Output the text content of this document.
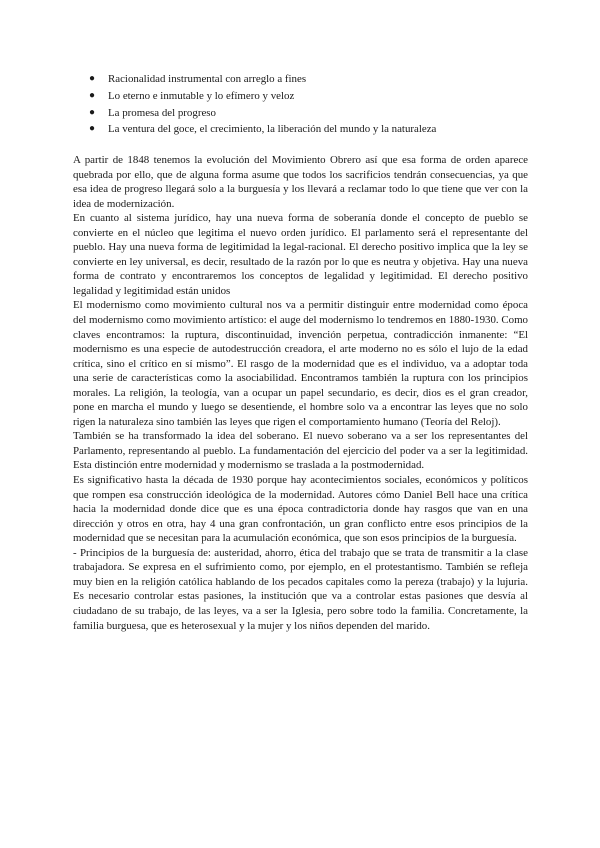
● Racionalidad instrumental con arreglo a fines
● Lo eterno e inmutable y lo efímero y veloz
● La promesa del progreso
● La ventura del goce, el crecimiento, la liberación del mundo y la naturaleza

A partir de 1848 tenemos la evolución del Movimiento Obrero así que esa forma de orden aparece quebrada por ello, que de alguna forma asume que todos los sacrificios tendrán consecuencias, ya que esa idea de progreso llegará solo a la burguesía y los llevará a reclamar todo lo que tiene que ver con la idea de modernización.

En cuanto al sistema jurídico, hay una nueva forma de soberanía donde el concepto de pueblo se convierte en el núcleo que legitima el nuevo orden jurídico. El parlamento será el representante del pueblo. Hay una nueva forma de legitimidad la legal-racional. El derecho positivo implica que la ley se convierte en ley universal, es decir, resultado de la razón por lo que es neutra y objetiva. Hay una nueva forma de contrato y encontraremos los conceptos de legalidad y legitimidad. El derecho positivo legalidad y legitimidad están unidos

El modernismo como movimiento cultural nos va a permitir distinguir entre modernidad como época del modernismo como movimiento artístico: el auge del modernismo lo tendremos en 1880-1930. Como claves encontramos: la ruptura, discontinuidad, invención perpetua, contradicción inmanente: “El modernismo es una especie de autodestrucción creadora, el arte moderno no es sólo el lujo de la edad crítica, sino el crítico en sí mismo”. El rasgo de la modernidad que es el individuo, va a adoptar toda una serie de características como la asociabilidad. Encontramos también la ruptura con los principios morales. La religión, la teología, van a ocupar un papel secundario, es decir, dios es el gran creador, pone en marcha el mundo y luego se desentiende, el hombre solo va a encontrar las leyes que no solo rigen la naturaleza sino también las leyes que rigen el comportamiento humano (Teoría del Reloj).

También se ha transformado la idea del soberano. El nuevo soberano va a ser los representantes del Parlamento, representando al pueblo. La fundamentación del ejercicio del poder va a ser la legitimidad. Esta distinción entre modernidad y modernismo se traslada a la postmodernidad.

Es significativo hasta la década de 1930 porque hay acontecimientos sociales, económicos y políticos que rompen esa construcción ideológica de la modernidad. Autores cómo Daniel Bell hace una crítica hacia la modernidad donde dice que es una época contradictoria donde hay rasgos que van en una dirección y otros en otra, hay 4 una gran confrontación, un gran conflicto entre esos principios de la modernidad que se necesitan para la acumulación económica, que son esos principios de la burguesía.

- Principios de la burguesía de: austeridad, ahorro, ética del trabajo que se trata de transmitir a la clase trabajadora. Se expresa en el sufrimiento como, por ejemplo, en el protestantismo. También se refleja muy bien en la religión católica hablando de los pecados capitales como la pereza (trabajo) y la lujuria. Es necesario controlar estas pasiones, la institución que va a controlar estas pasiones que desvía al ciudadano de su trabajo, de las leyes, va a ser la Iglesia, pero sobre todo la familia. Concretamente, la familia burguesa, que es heterosexual y la mujer y los niños dependen del marido.
